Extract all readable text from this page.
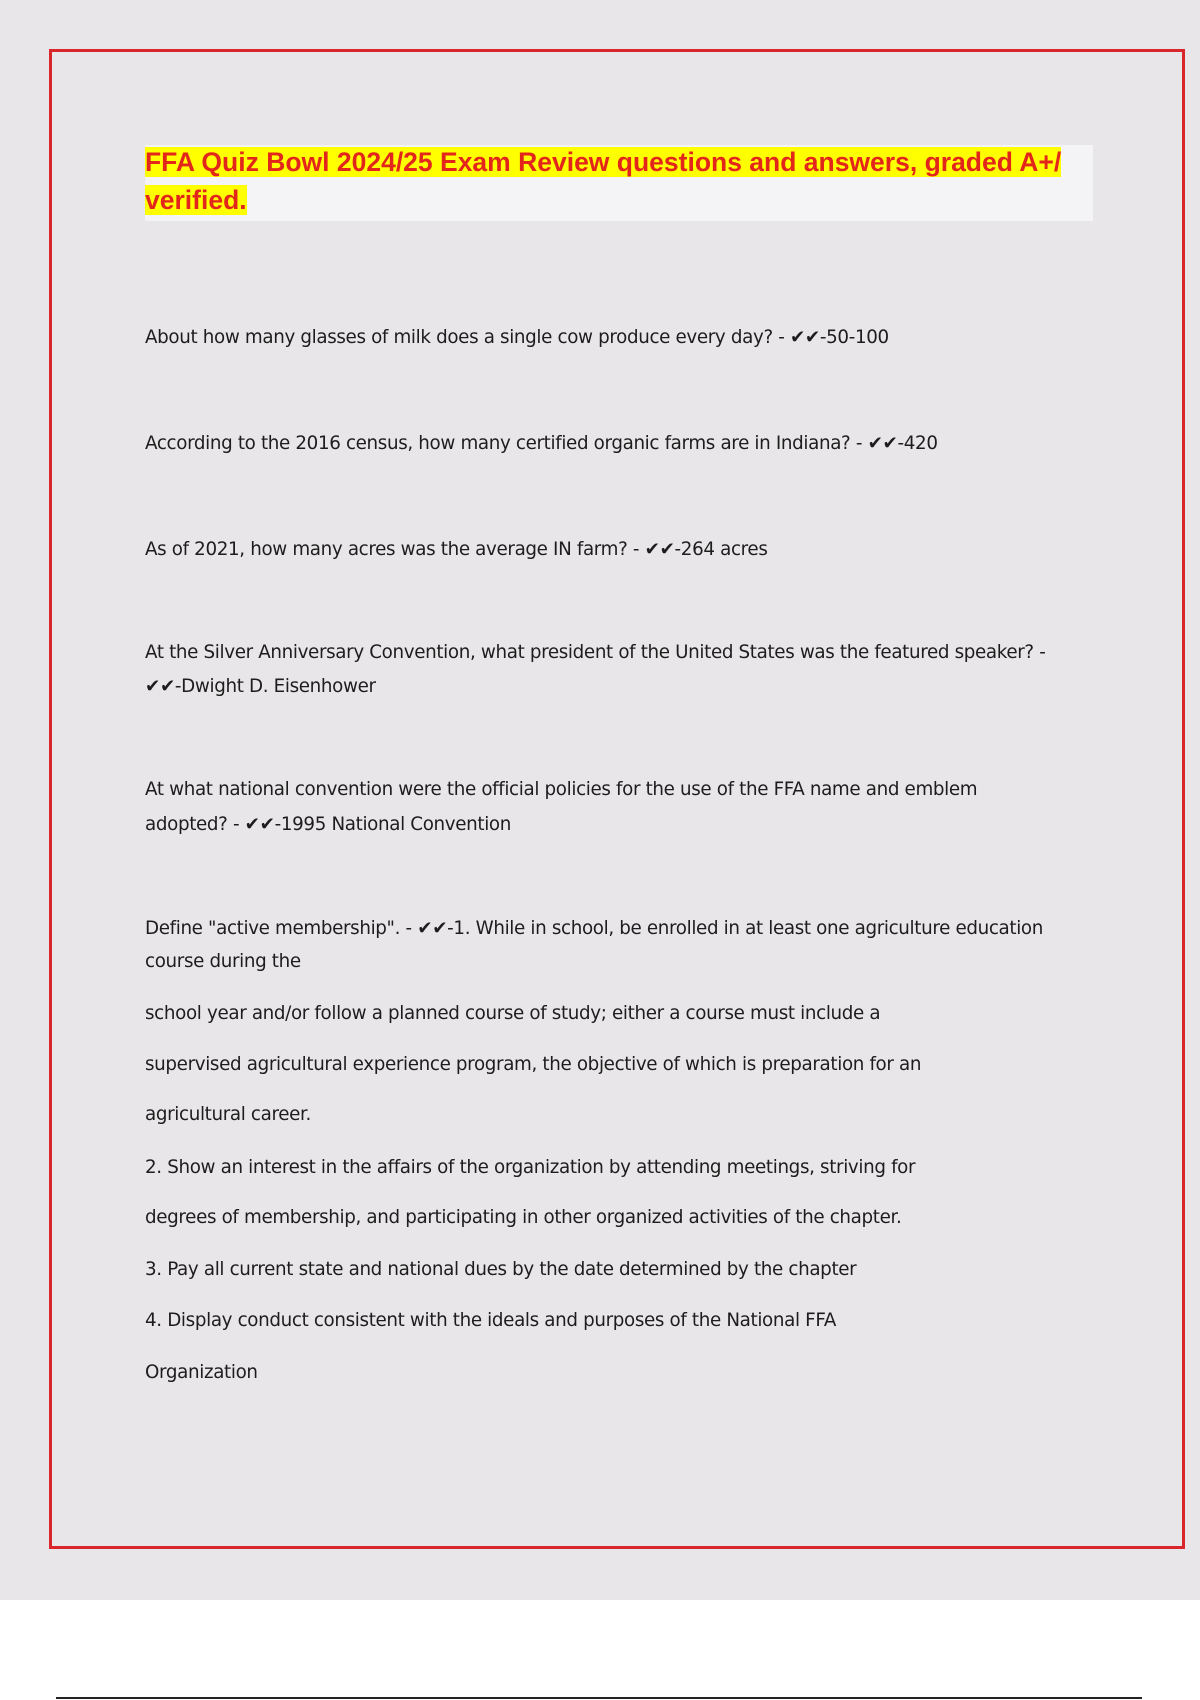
FFA Quiz Bowl 2024/25 Exam Review questions and answers, graded A+/ verified.

About how many glasses of milk does a single cow produce every day? - ✔✔-50-100

According to the 2016 census, how many certified organic farms are in Indiana? - ✔✔-420

As of 2021, how many acres was the average IN farm? - ✔✔-264 acres

At the Silver Anniversary Convention, what president of the United States was the featured speaker? -

✔✔-Dwight D. Eisenhower

At what national convention were the official policies for the use of the FFA name and emblem

adopted? - ✔✔-1995 National Convention

Define "active membership". - ✔✔-1. While in school, be enrolled in at least one agriculture education

course during the

school year and/or follow a planned course of study; either a course must include a

supervised agricultural experience program, the objective of which is preparation for an

agricultural career.

2. Show an interest in the affairs of the organization by attending meetings, striving for

degrees of membership, and participating in other organized activities of the chapter.

3. Pay all current state and national dues by the date determined by the chapter

4. Display conduct consistent with the ideals and purposes of the National FFA

Organization
